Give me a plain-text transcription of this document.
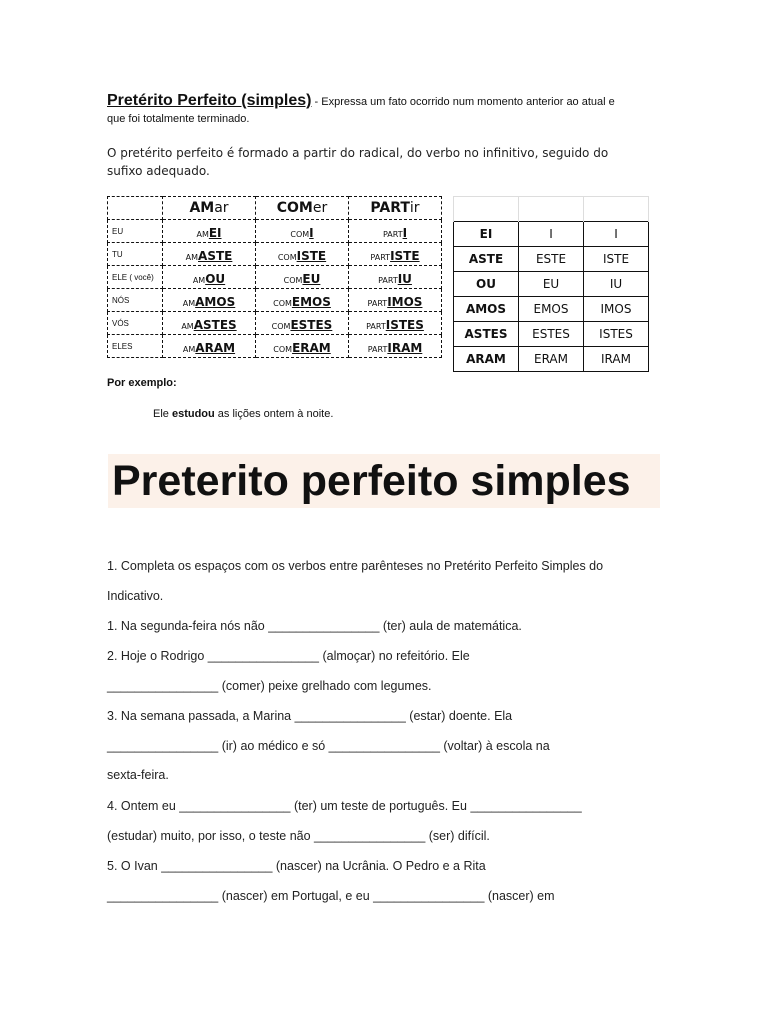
Pretérito Perfeito (simples) - Expressa um fato ocorrido num momento anterior ao atual e
que foi totalmente terminado.
O pretérito perfeito é formado a partir do radical, do verbo no infinitivo, seguido do sufixo adequado.
	AMar	COMer	PARTir
EU	AMEI	COMI	PARTI
TU	AMASTE	COMISTE	PARTISTE
ELE ( você)	AMOU	COMEU	PARTIU
NÓS	AMAMOS	COMEMOS	PARTIMOS
VÓS	AMASTES	COMESTES	PARTISTES
ELES	AMARAM	COMERAM	PARTIRAM

EI	I	I
ASTE	ESTE	ISTE
OU	EU	IU
AMOS	EMOS	IMOS
ASTES	ESTES	ISTES
ARAM	ERAM	IRAM
Por exemplo:
Ele estudou as lições ontem à noite.
Preterito perfeito simples
1. Completa os espaços com os verbos entre parênteses no Pretérito Perfeito Simples do
Indicativo.
1. Na segunda-feira nós não ________________ (ter) aula de matemática.
2. Hoje o Rodrigo ________________ (almoçar) no refeitório. Ele
________________ (comer) peixe grelhado com legumes.
3. Na semana passada, a Marina ________________ (estar) doente. Ela
________________ (ir) ao médico e só ________________ (voltar) à escola na
sexta-feira.
4. Ontem eu ________________ (ter) um teste de português. Eu ________________
(estudar) muito, por isso, o teste não ________________ (ser) difícil.
5. O Ivan ________________ (nascer) na Ucrânia. O Pedro e a Rita
________________ (nascer) em Portugal, e eu ________________ (nascer) em
